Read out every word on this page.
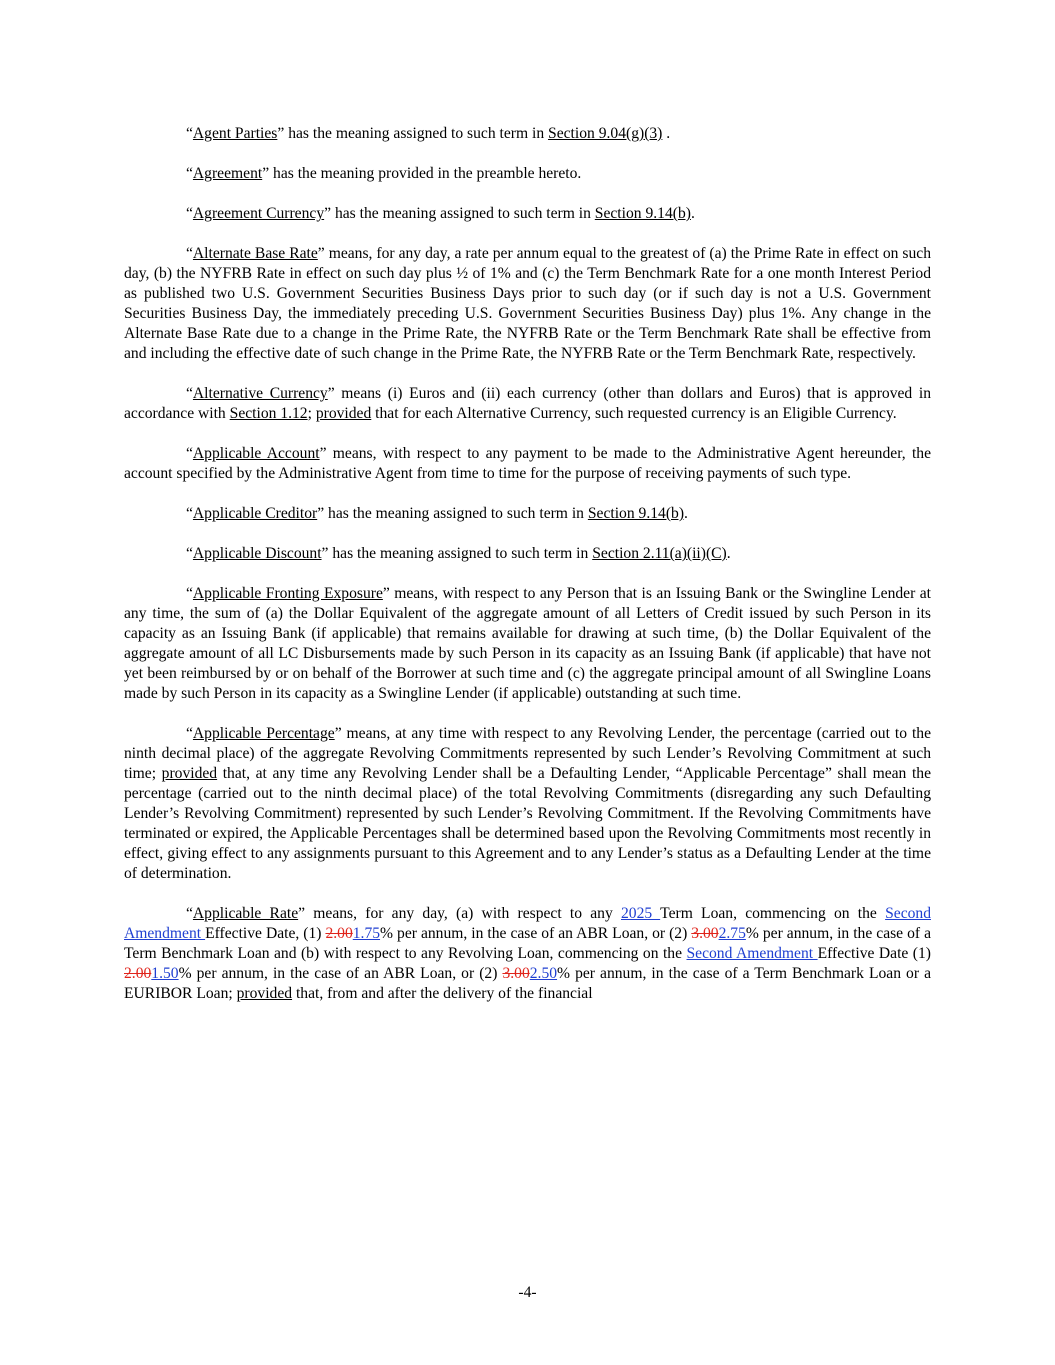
“Agent Parties” has the meaning assigned to such term in Section 9.04(g)(3) .

“Agreement” has the meaning provided in the preamble hereto.

“Agreement Currency” has the meaning assigned to such term in Section 9.14(b).

“Alternate Base Rate” means, for any day, a rate per annum equal to the greatest of (a) the Prime Rate in effect on such day, (b) the NYFRB Rate in effect on such day plus ½ of 1% and (c) the Term Benchmark Rate for a one month Interest Period as published two U.S. Government Securities Business Days prior to such day (or if such day is not a U.S. Government Securities Business Day, the immediately preceding U.S. Government Securities Business Day) plus 1%. Any change in the Alternate Base Rate due to a change in the Prime Rate, the NYFRB Rate or the Term Benchmark Rate shall be effective from and including the effective date of such change in the Prime Rate, the NYFRB Rate or the Term Benchmark Rate, respectively.

“Alternative Currency” means (i) Euros and (ii) each currency (other than dollars and Euros) that is approved in accordance with Section 1.12; provided that for each Alternative Currency, such requested currency is an Eligible Currency.

“Applicable Account” means, with respect to any payment to be made to the Administrative Agent hereunder, the account specified by the Administrative Agent from time to time for the purpose of receiving payments of such type.

“Applicable Creditor” has the meaning assigned to such term in Section 9.14(b).

“Applicable Discount” has the meaning assigned to such term in Section 2.11(a)(ii)(C).

“Applicable Fronting Exposure” means, with respect to any Person that is an Issuing Bank or the Swingline Lender at any time, the sum of (a) the Dollar Equivalent of the aggregate amount of all Letters of Credit issued by such Person in its capacity as an Issuing Bank (if applicable) that remains available for drawing at such time, (b) the Dollar Equivalent of the aggregate amount of all LC Disbursements made by such Person in its capacity as an Issuing Bank (if applicable) that have not yet been reimbursed by or on behalf of the Borrower at such time and (c) the aggregate principal amount of all Swingline Loans made by such Person in its capacity as a Swingline Lender (if applicable) outstanding at such time.

“Applicable Percentage” means, at any time with respect to any Revolving Lender, the percentage (carried out to the ninth decimal place) of the aggregate Revolving Commitments represented by such Lender’s Revolving Commitment at such time; provided that, at any time any Revolving Lender shall be a Defaulting Lender, “Applicable Percentage” shall mean the percentage (carried out to the ninth decimal place) of the total Revolving Commitments (disregarding any such Defaulting Lender’s Revolving Commitment) represented by such Lender’s Revolving Commitment. If the Revolving Commitments have terminated or expired, the Applicable Percentages shall be determined based upon the Revolving Commitments most recently in effect, giving effect to any assignments pursuant to this Agreement and to any Lender’s status as a Defaulting Lender at the time of determination.

“Applicable Rate” means, for any day, (a) with respect to any 2025 Term Loan, commencing on the Second Amendment Effective Date, (1) 2.001.75% per annum, in the case of an ABR Loan, or (2) 3.002.75% per annum, in the case of a Term Benchmark Loan and (b) with respect to any Revolving Loan, commencing on the Second Amendment Effective Date (1) 2.001.50% per annum, in the case of an ABR Loan, or (2) 3.002.50% per annum, in the case of a Term Benchmark Loan or a EURIBOR Loan; provided that, from and after the delivery of the financial

-4-
